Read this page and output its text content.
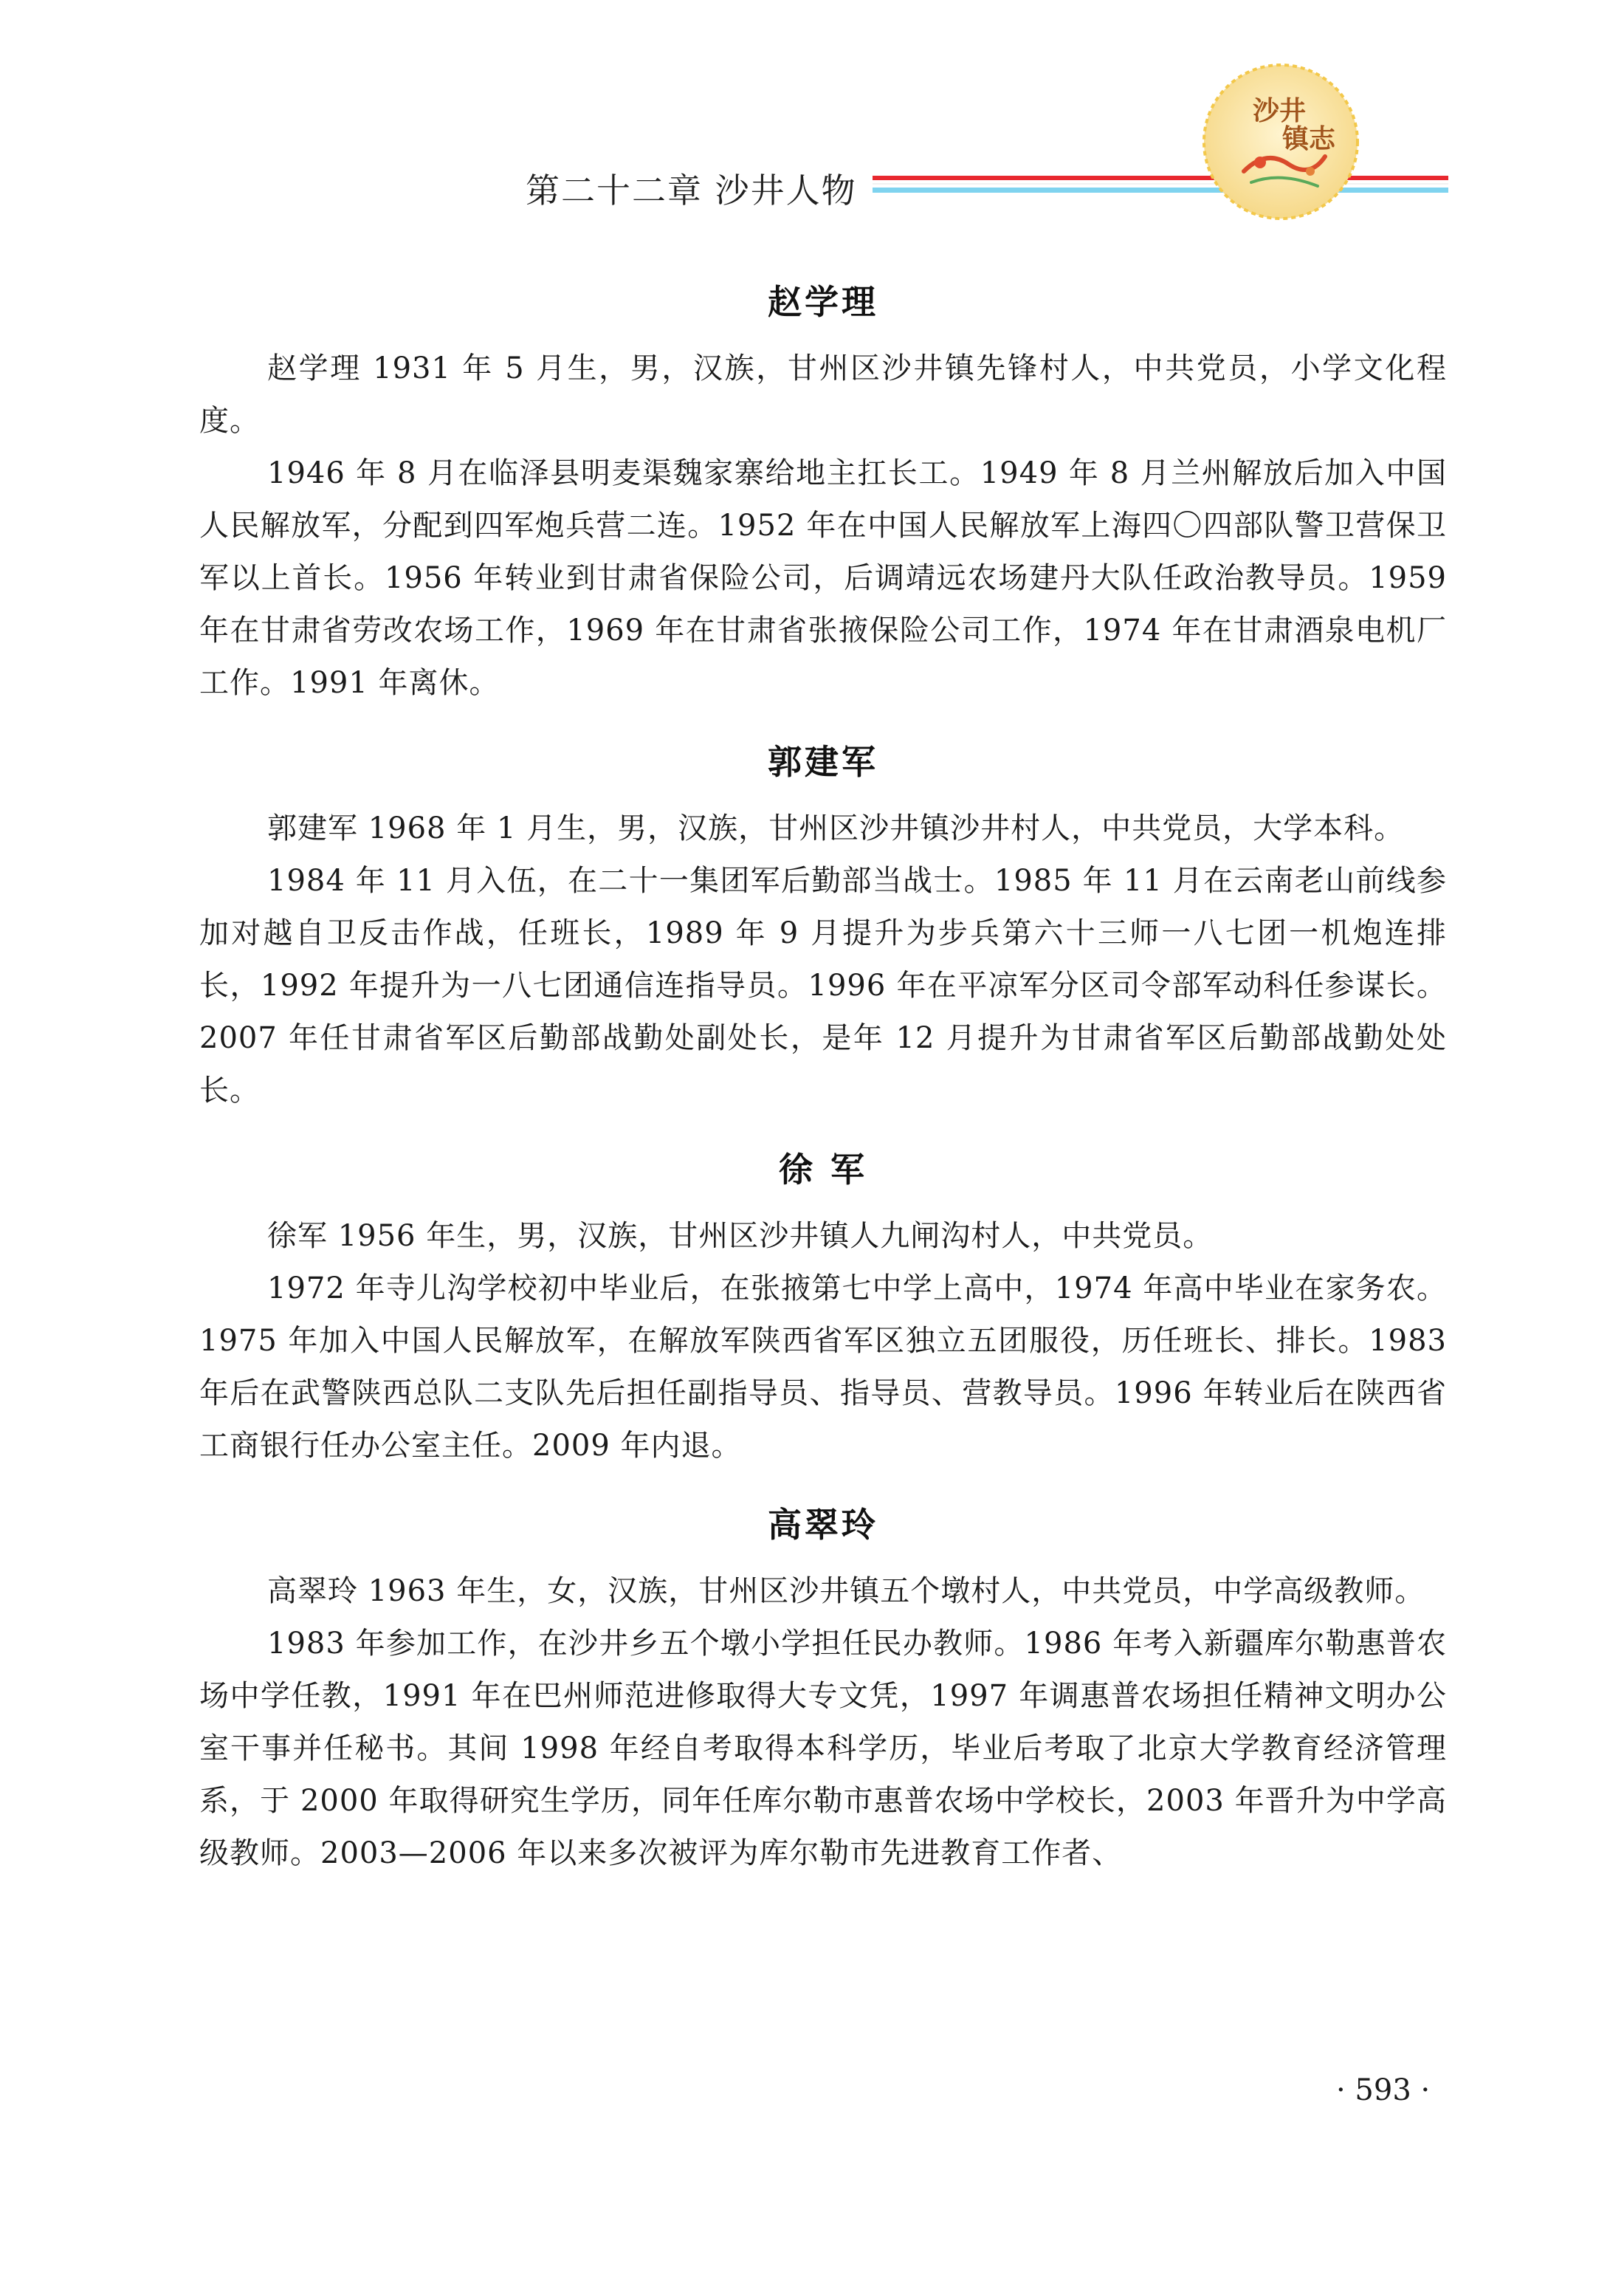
第二十二章 沙井人物
沙井
镇志
赵学理

赵学理 1931 年 5 月生，男，汉族，甘州区沙井镇先锋村人，中共党员，小学文化程度。

1946 年 8 月在临泽县明麦渠魏家寨给地主扛长工。1949 年 8 月兰州解放后加入中国人民解放军，分配到四军炮兵营二连。1952 年在中国人民解放军上海四〇四部队警卫营保卫军以上首长。1956 年转业到甘肃省保险公司，后调靖远农场建丹大队任政治教导员。1959 年在甘肃省劳改农场工作，1969 年在甘肃省张掖保险公司工作，1974 年在甘肃酒泉电机厂工作。1991 年离休。

郭建军

郭建军 1968 年 1 月生，男，汉族，甘州区沙井镇沙井村人，中共党员，大学本科。

1984 年 11 月入伍，在二十一集团军后勤部当战士。1985 年 11 月在云南老山前线参加对越自卫反击作战，任班长，1989 年 9 月提升为步兵第六十三师一八七团一机炮连排长，1992 年提升为一八七团通信连指导员。1996 年在平凉军分区司令部军动科任参谋长。2007 年任甘肃省军区后勤部战勤处副处长，是年 12 月提升为甘肃省军区后勤部战勤处处长。

徐 军

徐军 1956 年生，男，汉族，甘州区沙井镇人九闸沟村人，中共党员。

1972 年寺儿沟学校初中毕业后，在张掖第七中学上高中，1974 年高中毕业在家务农。1975 年加入中国人民解放军，在解放军陕西省军区独立五团服役，历任班长、排长。1983 年后在武警陕西总队二支队先后担任副指导员、指导员、营教导员。1996 年转业后在陕西省工商银行任办公室主任。2009 年内退。

高翠玲

高翠玲 1963 年生，女，汉族，甘州区沙井镇五个墩村人，中共党员，中学高级教师。

1983 年参加工作，在沙井乡五个墩小学担任民办教师。1986 年考入新疆库尔勒惠普农场中学任教，1991 年在巴州师范进修取得大专文凭，1997 年调惠普农场担任精神文明办公室干事并任秘书。其间 1998 年经自考取得本科学历，毕业后考取了北京大学教育经济管理系，于 2000 年取得研究生学历，同年任库尔勒市惠普农场中学校长，2003 年晋升为中学高级教师。2003—2006 年以来多次被评为库尔勒市先进教育工作者、

· 593 ·
